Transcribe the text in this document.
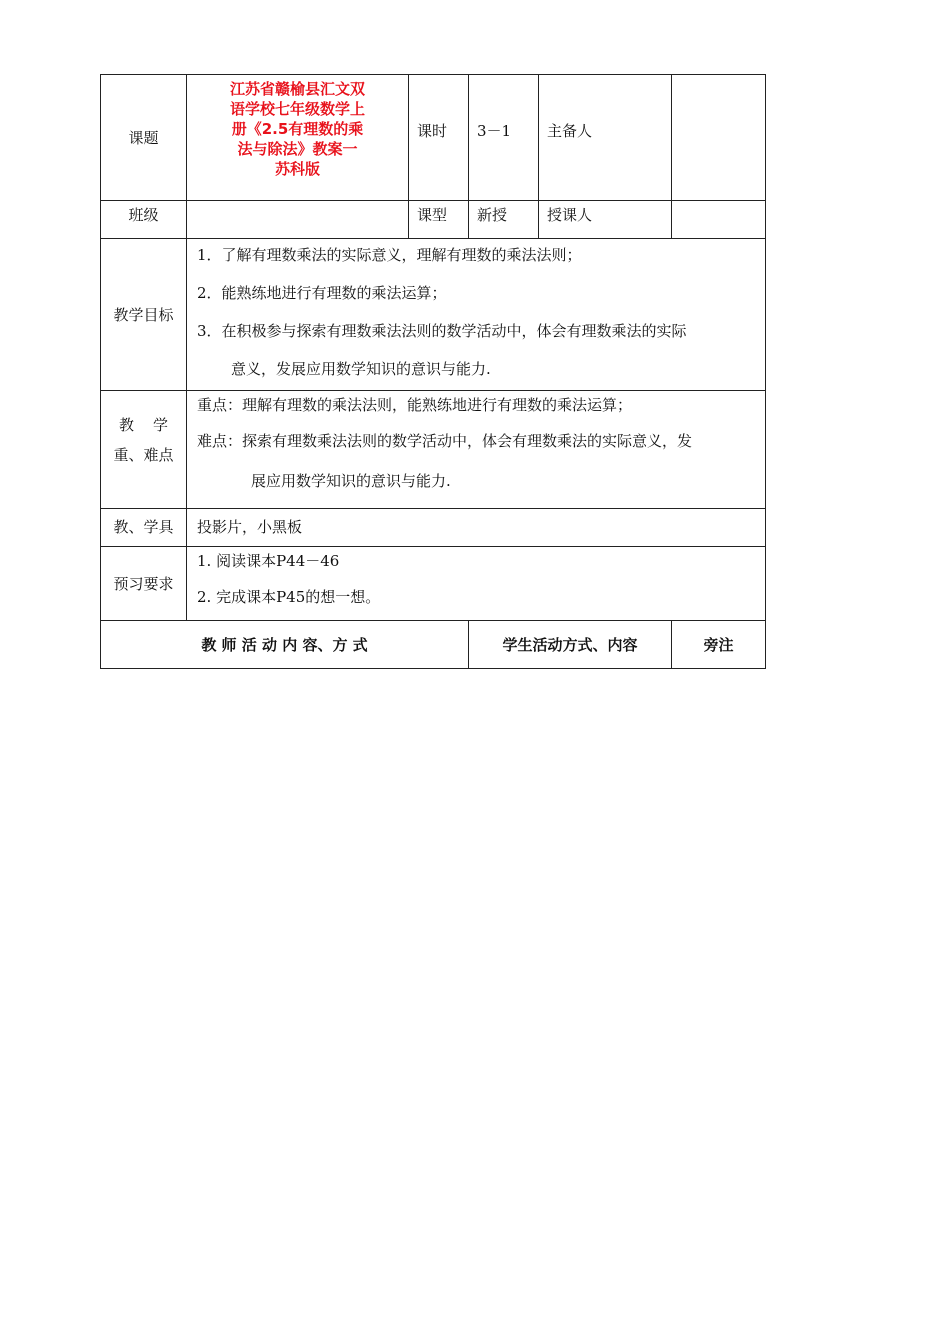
课题	江苏省赣榆县汇文双
语学校七年级数学上
册《2.5有理数的乘
法与除法》教案一
苏科版	课时	3－1	主备人	
班级		课型	新授	授课人	
教学目标	1．了解有理数乘法的实际意义，理解有理数的乘法法则；
2．能熟练地进行有理数的乘法运算；
3．在积极参与探索有理数乘法法则的数学活动中，体会有理数乘法的实际
意义，发展应用数学知识的意识与能力.				

教    学
重、难点	重点：理解有理数的乘法法则，能熟练地进行有理数的乘法运算；
难点：探索有理数乘法法则的数学活动中，体会有理数乘法的实际意义，发
展应用数学知识的意识与能力.				

教、学具	投影片，小黑板				
预习要求	1. 阅读课本P44－46
2. 完成课本P45的想一想。				

教 师 活 动 内 容、方 式			学生活动方式、内容		旁注
